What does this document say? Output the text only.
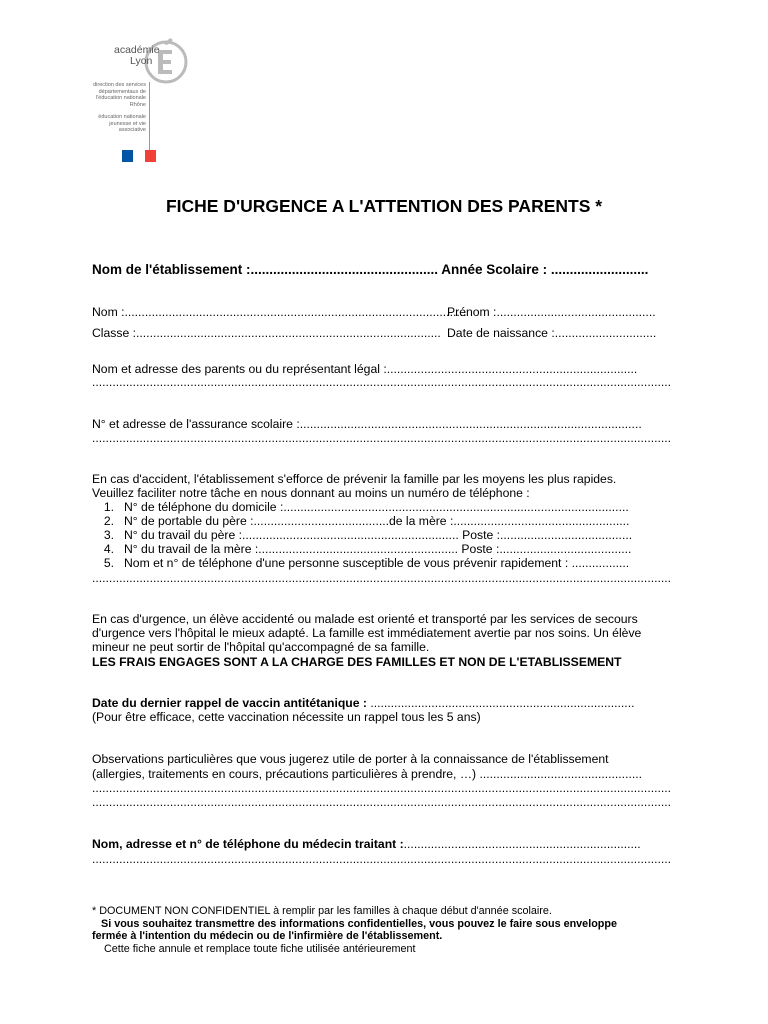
académie
Lyon
direction des services départementaux de l'éducation nationale Rhône
éducation nationale jeunesse et vie associative
FICHE D'URGENCE A L'ATTENTION DES PARENTS *
Nom de l'établissement :.................................................. Année Scolaire : ..........................
Nom :.....................................................................................................
Prénom :...............................................
Classe :.......................................................................................... Date de naissance :..............................
Nom et adresse des parents ou du représentant légal :..........................................................................
...........................................................................................................................................................................
N° et adresse de l'assurance scolaire :.....................................................................................................
...........................................................................................................................................................................
En cas d'accident, l'établissement s'efforce de prévenir la famille par les moyens les plus rapides.
Veuillez faciliter notre tâche en nous donnant au moins un numéro de téléphone :
1. N° de téléphone du domicile :......................................................................................................
2. N° de portable du père :........................................de la mère :....................................................
3. N° du travail du père :................................................................ Poste :.......................................
4. N° du travail de la mère :........................................................... Poste :.......................................
5. Nom et n° de téléphone d'une personne susceptible de vous prévenir rapidement : .................
...........................................................................................................................................................................
En cas d'urgence, un élève accidenté ou malade est orienté et transporté par les services de secours
d'urgence vers l'hôpital le mieux adapté. La famille est immédiatement avertie par nos soins. Un élève
mineur ne peut sortir de l'hôpital qu'accompagné de sa famille.
LES FRAIS ENGAGES SONT A LA CHARGE DES FAMILLES ET NON DE L'ETABLISSEMENT
Date du dernier rappel de vaccin antitétanique : ..............................................................................
(Pour être efficace, cette vaccination nécessite un rappel tous les 5 ans)
Observations particulières que vous jugerez utile de porter à la connaissance de l'établissement
(allergies, traitements en cours, précautions particulières à prendre, …) ................................................
...........................................................................................................................................................................
...........................................................................................................................................................................
Nom, adresse et n° de téléphone du médecin traitant :......................................................................
...........................................................................................................................................................................
* DOCUMENT NON CONFIDENTIEL à remplir par les familles à chaque début d'année scolaire.
Si vous souhaitez transmettre des informations confidentielles, vous pouvez le faire sous enveloppe
fermée à l'intention du médecin ou de l'infirmière de l'établissement.
Cette fiche annule et remplace toute fiche utilisée antérieurement
